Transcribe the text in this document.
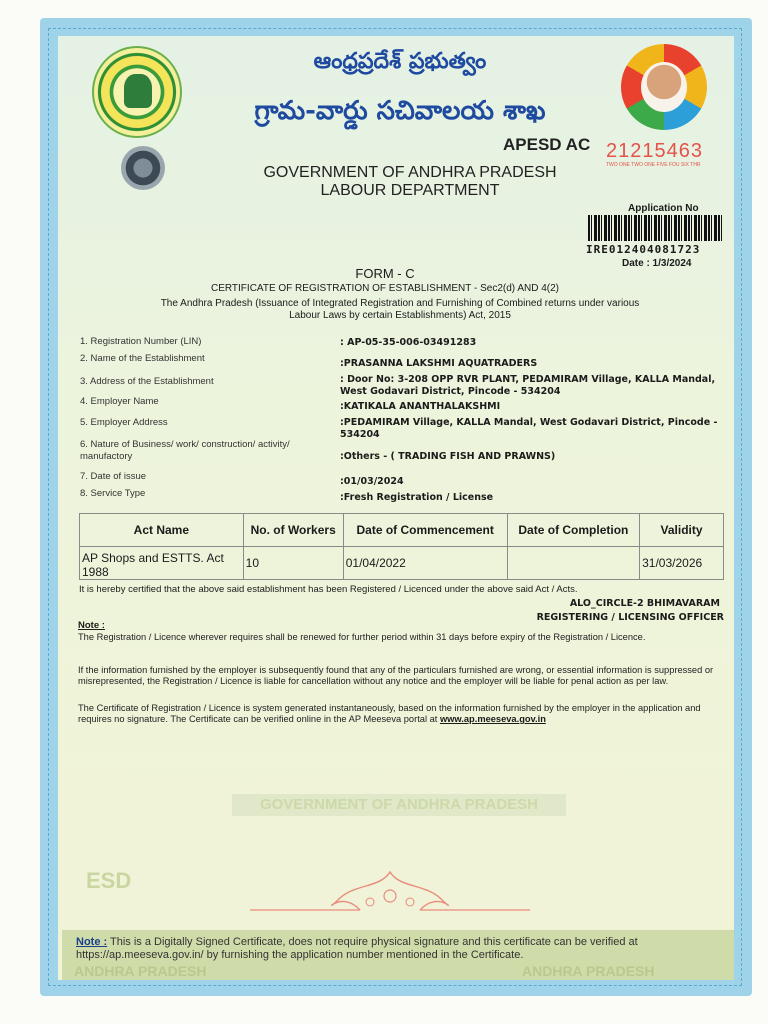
ఆంధ్రప్రదేశ్ ప్రభుత్వం
గ్రామ-వార్డు సచివాలయ శాఖ
APESD AC 21215463
TWO ONE TWO ONE FIVE FOU SIX THR
GOVERNMENT OF ANDHRA PRADESH
LABOUR DEPARTMENT
Application No
IRE012404081723
Date : 1/3/2024
FORM - C
CERTIFICATE OF REGISTRATION OF ESTABLISHMENT - Sec2(d) AND 4(2)
The Andhra Pradesh (Issuance of Integrated Registration and Furnishing of Combined returns under various
Labour Laws by certain Establishments) Act, 2015
1. Registration Number (LIN)	: AP-05-35-006-03491283
2. Name of the Establishment	:PRASANNA LAKSHMI AQUATRADERS
3. Address of the Establishment	: Door No: 3-208 OPP RVR PLANT, PEDAMIRAM Village, KALLA Mandal, West Godavari District, Pincode - 534204
4. Employer Name	:KATIKALA ANANTHALAKSHMI
5. Employer Address	:PEDAMIRAM Village, KALLA Mandal, West Godavari District, Pincode - 534204
6. Nature of Business/ work/ construction/ activity/ manufactory	:Others - ( TRADING FISH AND PRAWNS)
7. Date of issue	:01/03/2024
8. Service Type	:Fresh Registration / License
Act Name	No. of Workers	Date of Commencement	Date of Completion	Validity
AP Shops and ESTTS. Act 1988	10	01/04/2022		31/03/2026
It is hereby certified that the above said establishment has been Registered / Licenced under the above said Act / Acts.
ALO_CIRCLE-2 BHIMAVARAM
REGISTERING / LICENSING OFFICER
Note :
The Registration / Licence wherever requires shall be renewed for further period within 31 days before expiry of the Registration / Licence.
If the information furnished by the employer is subsequently found that any of the particulars furnished are wrong, or essential information is suppressed or misrepresented, the Registration / Licence is liable for cancellation without any notice and the employer will be liable for penal action as per law.
The Certificate of Registration / Licence is system generated instantaneously, based on the information furnished by the employer in the application and requires no signature. The Certificate can be verified online in the AP Meeseva portal at www.ap.meeseva.gov.in
GOVERNMENT OF ANDHRA PRADESH
ESD
Note : This is a Digitally Signed Certificate, does not require physical signature and this certificate can be verified at https://ap.meeseva.gov.in/ by furnishing the application number mentioned in the Certificate.
ANDHRA PRADESH	ANDHRA PRADESH
